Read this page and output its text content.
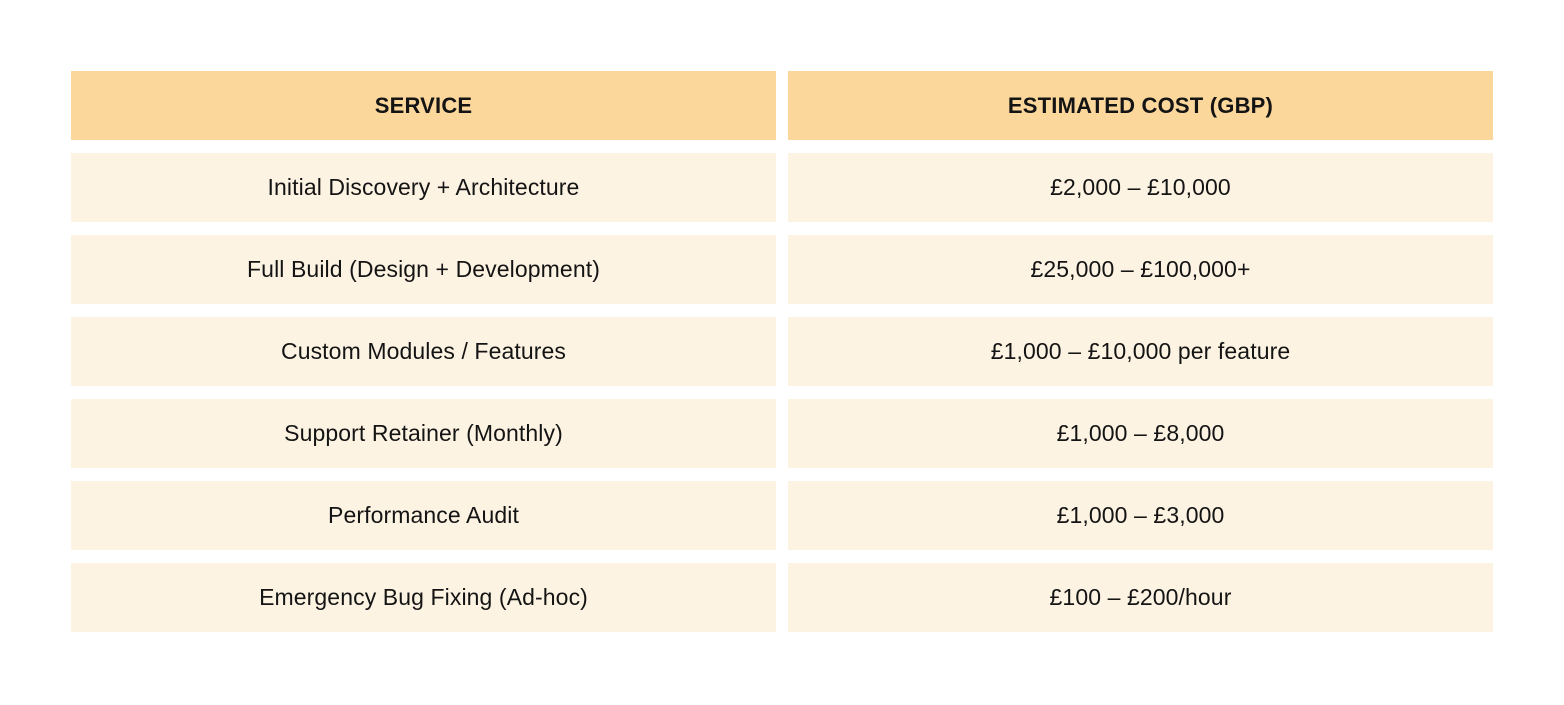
SERVICE	ESTIMATED COST (GBP)
Initial Discovery + Architecture	£2,000 – £10,000
Full Build (Design + Development)	£25,000 – £100,000+
Custom Modules / Features	£1,000 – £10,000 per feature
Support Retainer (Monthly)	£1,000 – £8,000
Performance Audit	£1,000 – £3,000
Emergency Bug Fixing (Ad-hoc)	£100 – £200/hour
